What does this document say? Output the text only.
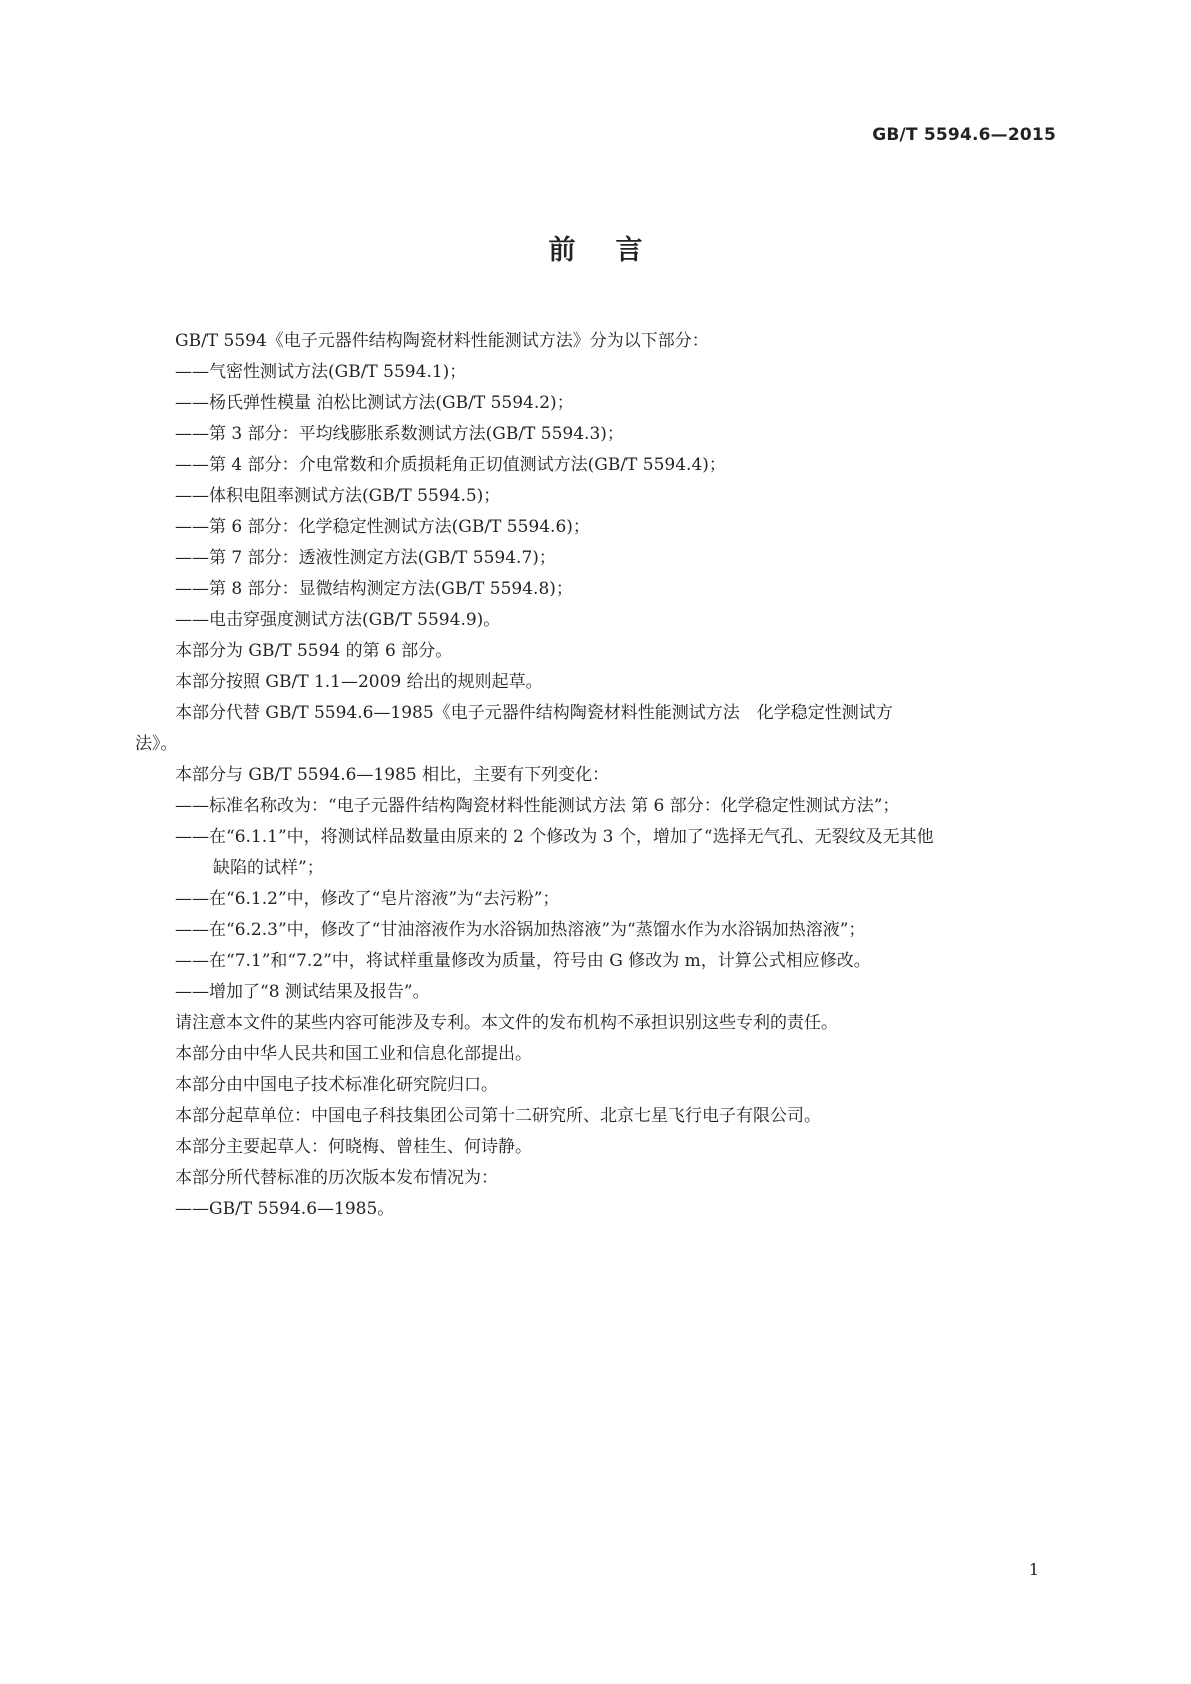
GB/T 5594.6—2015
前言
GB/T 5594《电子元器件结构陶瓷材料性能测试方法》分为以下部分：
——气密性测试方法(GB/T 5594.1)；
——杨氏弹性模量 泊松比测试方法(GB/T 5594.2)；
——第 3 部分：平均线膨胀系数测试方法(GB/T 5594.3)；
——第 4 部分：介电常数和介质损耗角正切值测试方法(GB/T 5594.4)；
——体积电阻率测试方法(GB/T 5594.5)；
——第 6 部分：化学稳定性测试方法(GB/T 5594.6)；
——第 7 部分：透液性测定方法(GB/T 5594.7)；
——第 8 部分：显微结构测定方法(GB/T 5594.8)；
——电击穿强度测试方法(GB/T 5594.9)。
本部分为 GB/T 5594 的第 6 部分。
本部分按照 GB/T 1.1—2009 给出的规则起草。
本部分代替 GB/T 5594.6—1985《电子元器件结构陶瓷材料性能测试方法　化学稳定性测试方
法》。
本部分与 GB/T 5594.6—1985 相比，主要有下列变化：
——标准名称改为：“电子元器件结构陶瓷材料性能测试方法 第 6 部分：化学稳定性测试方法”；
——在“6.1.1”中，将测试样品数量由原来的 2 个修改为 3 个，增加了“选择无气孔、无裂纹及无其他
缺陷的试样”；
——在“6.1.2”中，修改了“皂片溶液”为“去污粉”；
——在“6.2.3”中，修改了“甘油溶液作为水浴锅加热溶液”为“蒸馏水作为水浴锅加热溶液”；
——在“7.1”和“7.2”中，将试样重量修改为质量，符号由 G 修改为 m，计算公式相应修改。
——增加了“8 测试结果及报告”。
请注意本文件的某些内容可能涉及专利。本文件的发布机构不承担识别这些专利的责任。
本部分由中华人民共和国工业和信息化部提出。
本部分由中国电子技术标准化研究院归口。
本部分起草单位：中国电子科技集团公司第十二研究所、北京七星飞行电子有限公司。
本部分主要起草人：何晓梅、曾桂生、何诗静。
本部分所代替标准的历次版本发布情况为：
——GB/T 5594.6—1985。
1
